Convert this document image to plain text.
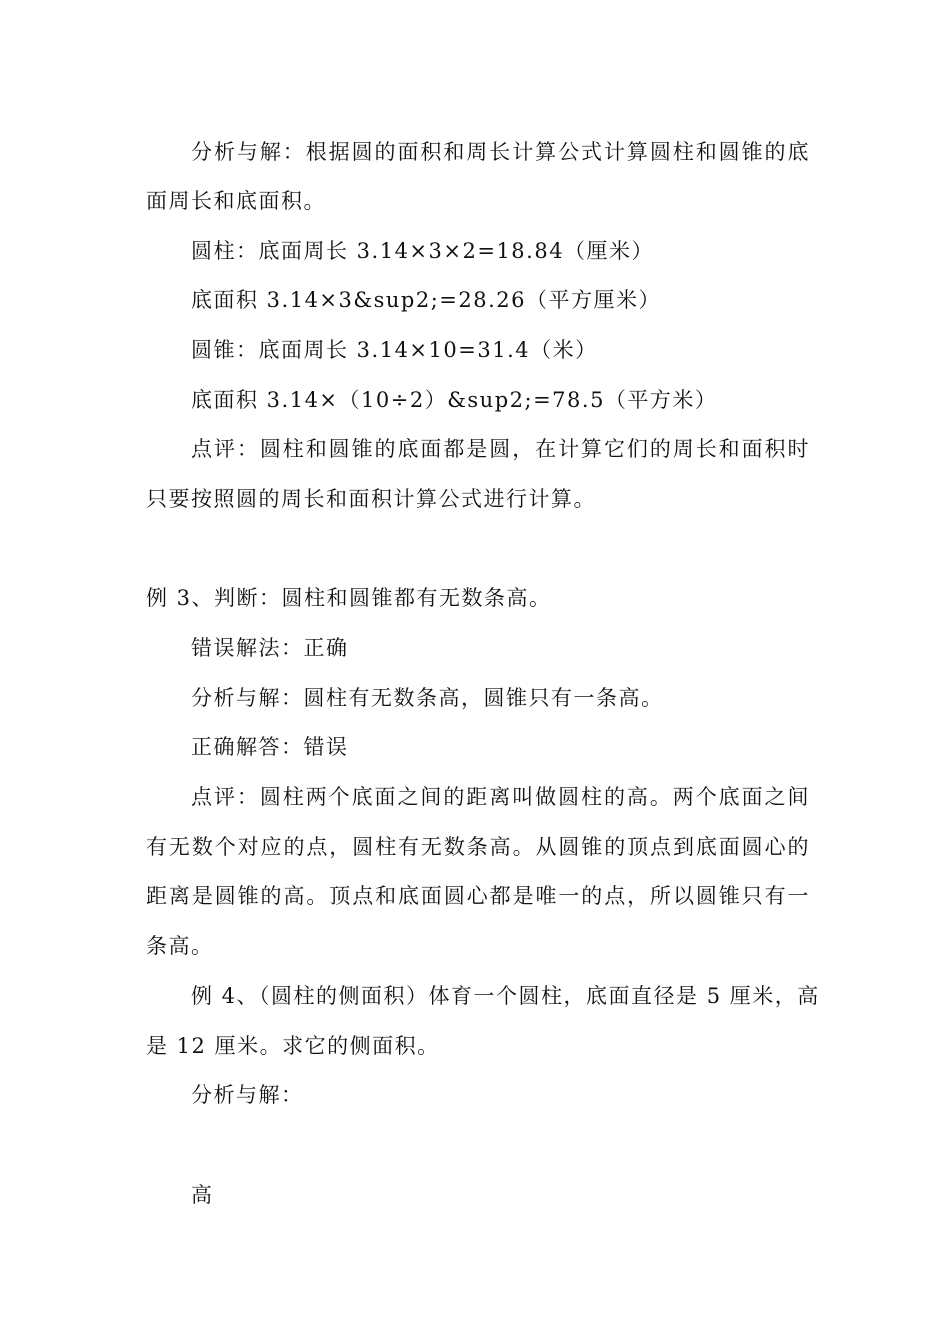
分析与解：根据圆的面积和周长计算公式计算圆柱和圆锥的底
面周长和底面积。
圆柱：底面周长 3.14×3×2=18.84（厘米）
底面积 3.14×3&sup2;=28.26（平方厘米）
圆锥：底面周长 3.14×10=31.4（米）
底面积 3.14×（10÷2）&sup2;=78.5（平方米）
点评：圆柱和圆锥的底面都是圆，在计算它们的周长和面积时
只要按照圆的周长和面积计算公式进行计算。
例 3、判断：圆柱和圆锥都有无数条高。
错误解法：正确
分析与解：圆柱有无数条高，圆锥只有一条高。
正确解答：错误
点评：圆柱两个底面之间的距离叫做圆柱的高。两个底面之间
有无数个对应的点，圆柱有无数条高。从圆锥的顶点到底面圆心的
距离是圆锥的高。顶点和底面圆心都是唯一的点，所以圆锥只有一
条高。
例 4、（圆柱的侧面积）体育一个圆柱，底面直径是 5 厘米，高
是 12 厘米。求它的侧面积。
分析与解：
高
